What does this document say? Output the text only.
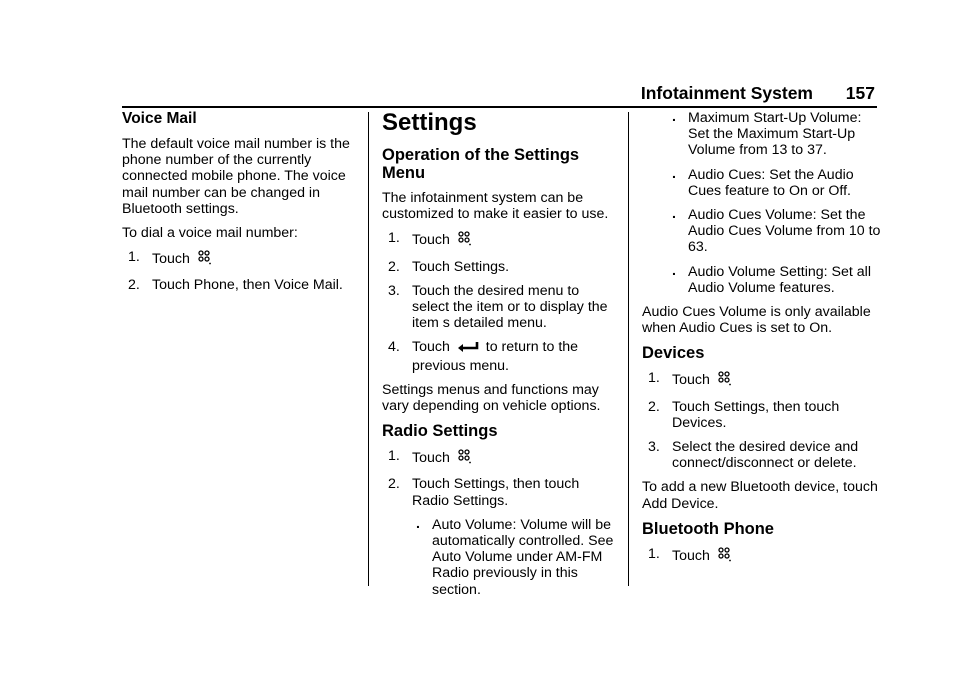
Infotainment System 157
Voice Mail

The default voice mail number is the phone number of the currently connected mobile phone. The voice mail number can be changed in Bluetooth settings.

To dial a voice mail number:

1. Touch
2. Touch Phone, then Voice Mail.
Settings
Operation of the Settings Menu

The infotainment system can be customized to make it easier to use.

1. Touch
2. Touch Settings.
3. Touch the desired menu to select the item or to display the item s detailed menu.
4. Touch	to return to the previous menu.

Settings menus and functions may vary depending on vehicle options.

Radio Settings
1. Touch
2. Touch Settings, then touch Radio Settings.
. Auto Volume: Volume will be automatically controlled. See Auto Volume under AM-FM Radio previously in this section.
. Maximum Start-Up Volume: Set the Maximum Start-Up Volume from 13 to 37.
. Audio Cues: Set the Audio Cues feature to On or Off.
. Audio Cues Volume: Set the Audio Cues Volume from 10 to 63.
. Audio Volume Setting: Set all Audio Volume features.

Audio Cues Volume is only available when Audio Cues is set to On.

Devices
1. Touch
2. Touch Settings, then touch Devices.
3. Select the desired device and connect/disconnect or delete.

To add a new Bluetooth device, touch Add Device.

Bluetooth Phone
1. Touch
